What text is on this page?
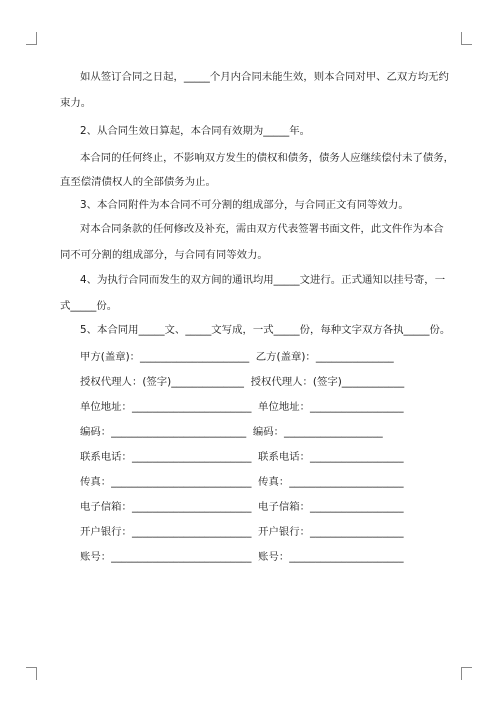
如从签订合同之日起，_____个月内合同未能生效，则本合同对甲、乙双方均无约
束力。
2、从合同生效日算起，本合同有效期为_____年。
本合同的任何终止，不影响双方发生的债权和债务，债务人应继续偿付未了债务，
直至偿清债权人的全部债务为止。
3、本合同附件为本合同不可分割的组成部分，与合同正文有同等效力。
对本合同条款的任何修改及补充，需由双方代表签署书面文件，此文件作为本合
同不可分割的组成部分，与合同有同等效力。
4、为执行合同而发生的双方间的通讯均用_____文进行。正式通知以挂号寄，一
式_____份。
5、本合同用_____文、_____文写成，一式_____份，每种文字双方各执_____份。
甲方(盖章)：_____________________  乙方(盖章)：_______________
授权代理人：(签字)______________  授权代理人：(签字)____________
单位地址：_______________________  单位地址：__________________
编码：__________________________  编码：___________________
联系电话：_______________________  联系电话：__________________
传真：___________________________  传真：______________________
电子信箱：_______________________  电子信箱：__________________
开户银行：_______________________  开户银行：__________________
账号：___________________________  账号：______________________
